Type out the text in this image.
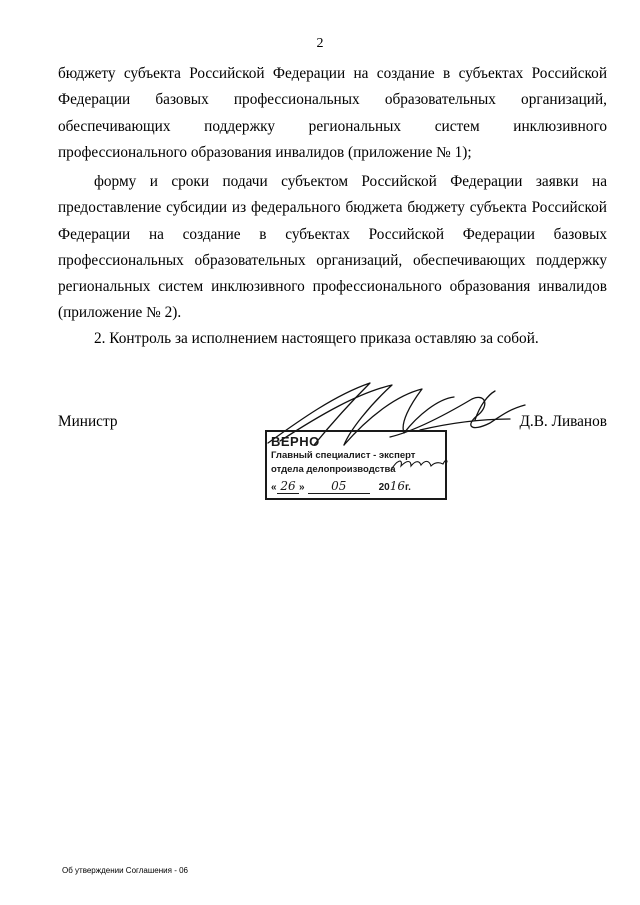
2

бюджету субъекта Российской Федерации на создание в субъектах Российской Федерации базовых профессиональных образовательных организаций, обеспечивающих поддержку региональных систем инклюзивного профессионального образования инвалидов (приложение № 1);

форму и сроки подачи субъектом Российской Федерации заявки на предоставление субсидии из федерального бюджета бюджету субъекта Российской Федерации на создание в субъектах Российской Федерации базовых профессиональных образовательных организаций, обеспечивающих поддержку региональных систем инклюзивного профессионального образования инвалидов (приложение № 2).

2. Контроль за исполнением настоящего приказа оставляю за собой.

Министр	Д.В. Ливанов
ВЕРНО
Главный специалист - эксперт
отдела делопроизводства
« 26 » 05	2016г.
Об утверждении Соглашения - 06
